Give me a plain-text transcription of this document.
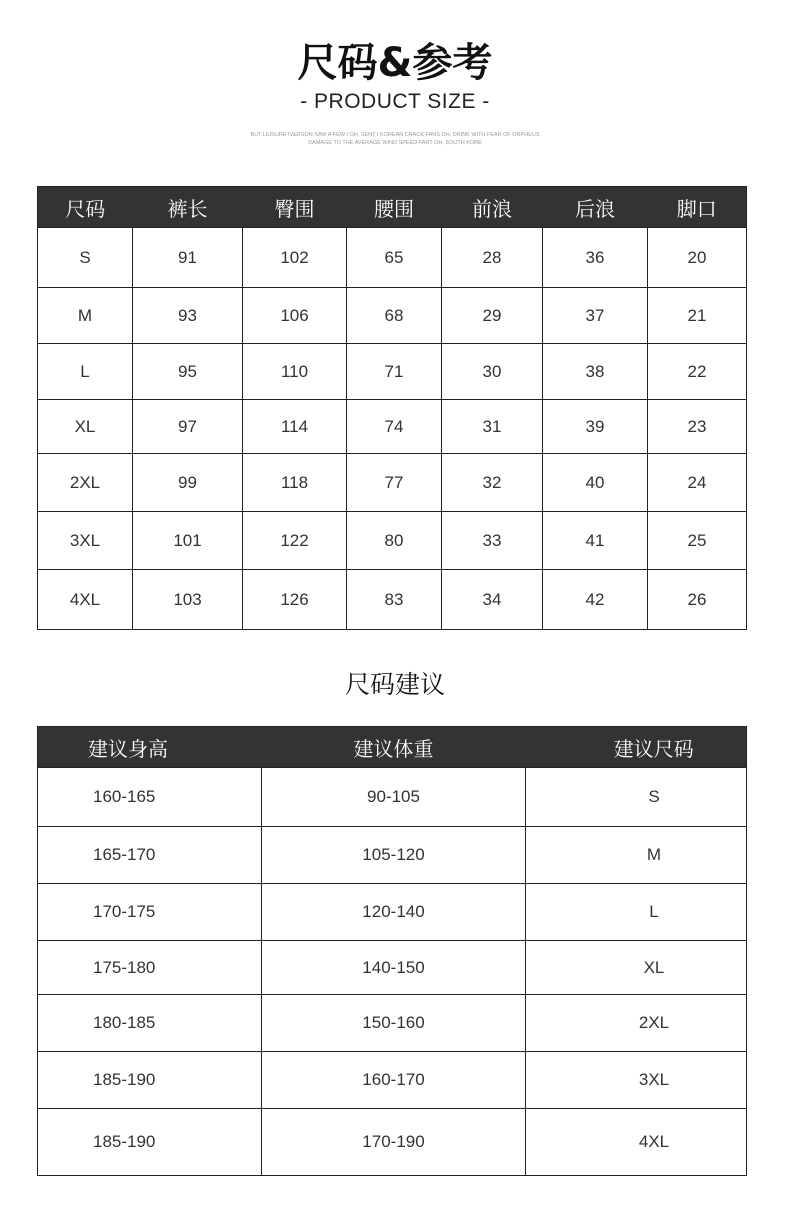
尺码&参考
- PRODUCT SIZE -
BUT LEISURE IVERSON SAW A FEW I OH, SENT I KOREAN CRACK FANS OH, DRINK WITH FEAR OF ORPHEUS
DAMAGE TO THE AVERAGE WIND SPEED FART OH, SOUTH KORE
尺码	裤长	臀围	腰围	前浪	后浪	脚口
S	91	102	65	28	36	20
M	93	106	68	29	37	21
L	95	110	71	30	38	22
XL	97	114	74	31	39	23
2XL	99	118	77	32	40	24
3XL	101	122	80	33	41	25
4XL	103	126	83	34	42	26
尺码建议
建议身高	建议体重	建议尺码
160-165	90-105	S
165-170	105-120	M
170-175	120-140	L
175-180	140-150	XL
180-185	150-160	2XL
185-190	160-170	3XL
185-190	170-190	4XL
